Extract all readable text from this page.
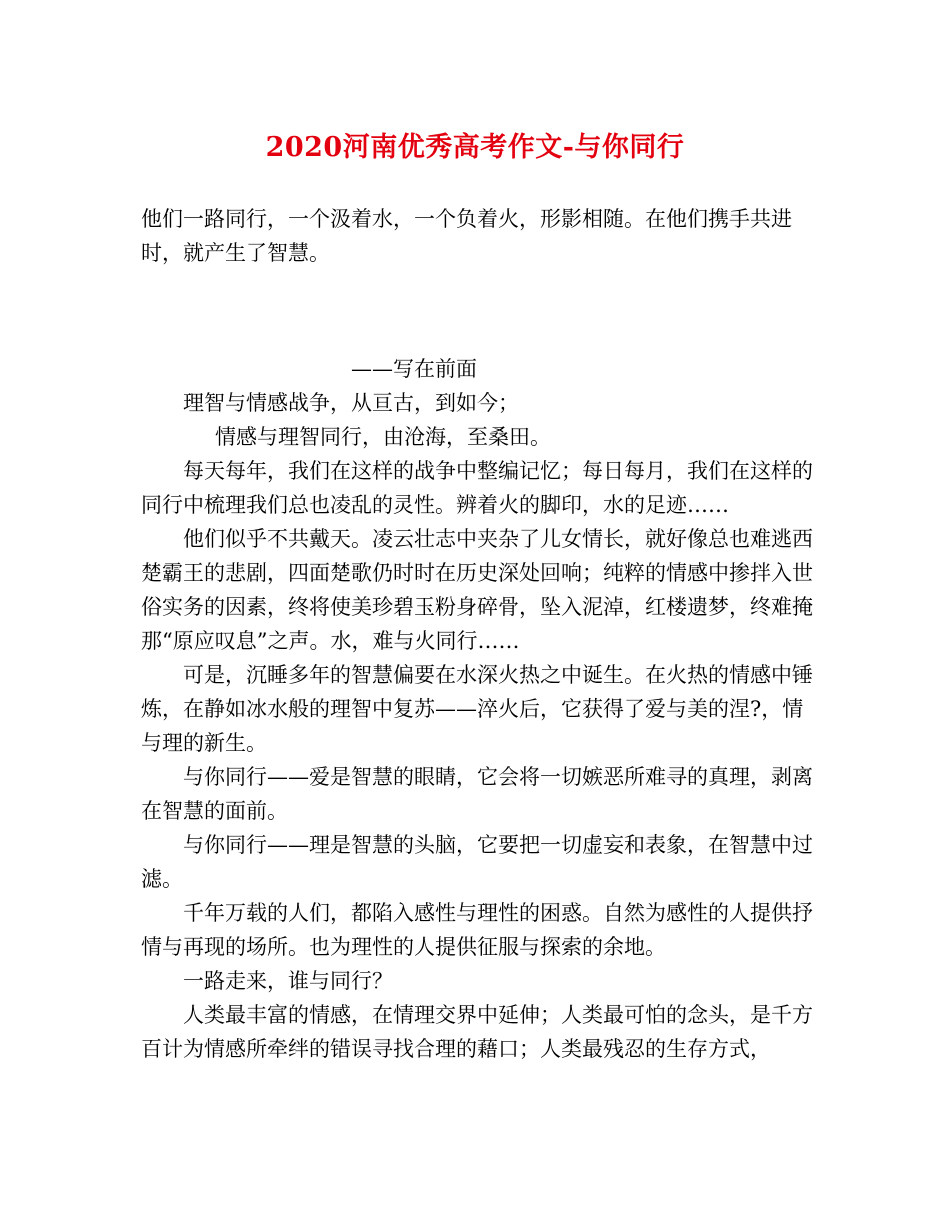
2020河南优秀高考作文-与你同行

他们一路同行，一个汲着水，一个负着火，形影相随。在他们携手共进时，就产生了智慧。

——写在前面

理智与情感战争，从亘古，到如今；

情感与理智同行，由沧海，至桑田。

每天每年，我们在这样的战争中整编记忆；每日每月，我们在这样的同行中梳理我们总也凌乱的灵性。辨着火的脚印，水的足迹……

他们似乎不共戴天。凌云壮志中夹杂了儿女情长，就好像总也难逃西楚霸王的悲剧，四面楚歌仍时时在历史深处回响；纯粹的情感中掺拌入世俗实务的因素，终将使美珍碧玉粉身碎骨，坠入泥淖，红楼遗梦，终难掩那“原应叹息”之声。水，难与火同行……

可是，沉睡多年的智慧偏要在水深火热之中诞生。在火热的情感中锤炼，在静如冰水般的理智中复苏——淬火后，它获得了爱与美的涅?，情与理的新生。

与你同行——爱是智慧的眼睛，它会将一切嫉恶所难寻的真理，剥离在智慧的面前。

与你同行——理是智慧的头脑，它要把一切虚妄和表象，在智慧中过滤。

千年万载的人们，都陷入感性与理性的困惑。自然为感性的人提供抒情与再现的场所。也为理性的人提供征服与探索的余地。

一路走来，谁与同行？

人类最丰富的情感，在情理交界中延伸；人类最可怕的念头，是千方百计为情感所牵绊的错误寻找合理的藉口；人类最残忍的生存方式，
